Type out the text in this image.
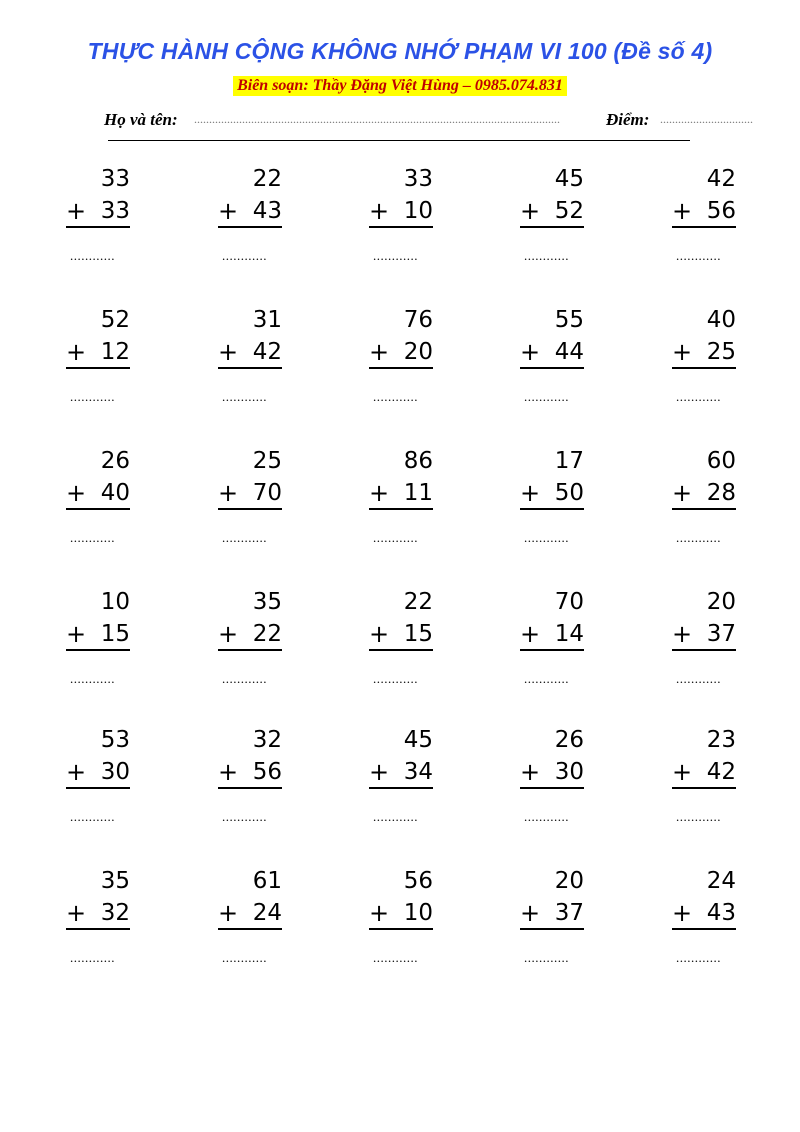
THỰC HÀNH CỘNG KHÔNG NHỚ PHẠM VI 100 (Đề số 4)
Biên soạn: Thầy Đặng Việt Hùng – 0985.074.831
Họ và tên: ..........................................................................................................................	Điểm: ...............................
33
+ 33
............
22
+ 43
............
33
+ 10
............
45
+ 52
............
42
+ 56
............
52
+ 12
............
31
+ 42
............
76
+ 20
............
55
+ 44
............
40
+ 25
............
26
+ 40
............
25
+ 70
............
86
+ 11
............
17
+ 50
............
60
+ 28
............
10
+ 15
............
35
+ 22
............
22
+ 15
............
70
+ 14
............
20
+ 37
............
53
+ 30
............
32
+ 56
............
45
+ 34
............
26
+ 30
............
23
+ 42
............
35
+ 32
............
61
+ 24
............
56
+ 10
............
20
+ 37
............
24
+ 43
............
